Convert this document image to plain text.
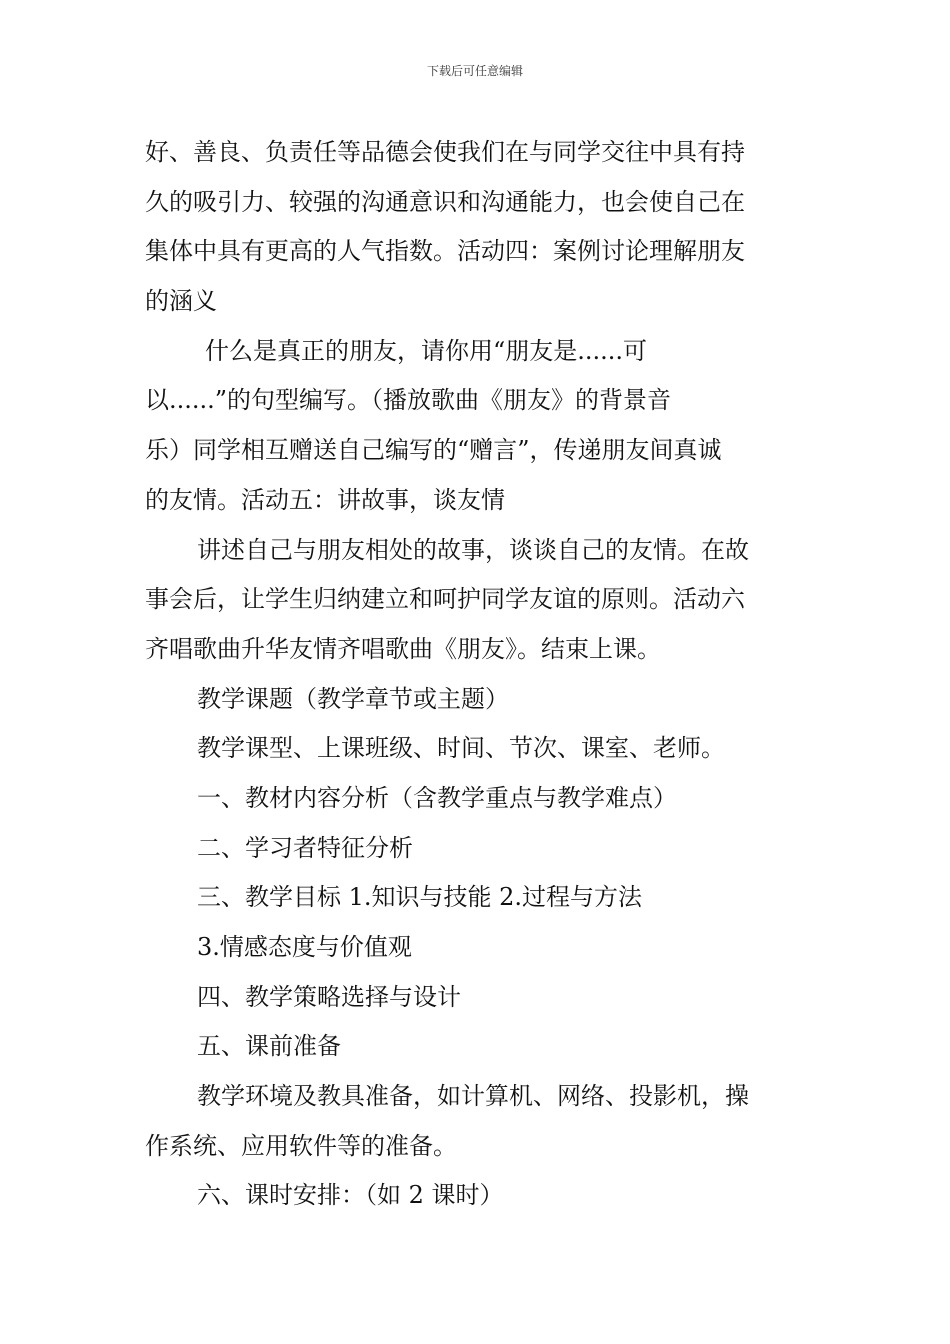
下载后可任意编辑
好、善良、负责任等品德会使我们在与同学交往中具有持
久的吸引力、较强的沟通意识和沟通能力，也会使自己在
集体中具有更高的人气指数。活动四：案例讨论理解朋友
的涵义
什么是真正的朋友，请你用“朋友是......可
以......”的句型编写。（播放歌曲《朋友》的背景音
乐）同学相互赠送自己编写的“赠言”，传递朋友间真诚
的友情。活动五：讲故事，谈友情
讲述自己与朋友相处的故事，谈谈自己的友情。在故
事会后，让学生归纳建立和呵护同学友谊的原则。活动六
齐唱歌曲升华友情齐唱歌曲《朋友》。结束上课。
教学课题（教学章节或主题）
教学课型、上课班级、时间、节次、课室、老师。
一、教材内容分析（含教学重点与教学难点）
二、学习者特征分析
三、教学目标 1.知识与技能 2.过程与方法
3.情感态度与价值观
四、教学策略选择与设计
五、课前准备
教学环境及教具准备，如计算机、网络、投影机，操
作系统、应用软件等的准备。
六、课时安排：（如 2 课时）
